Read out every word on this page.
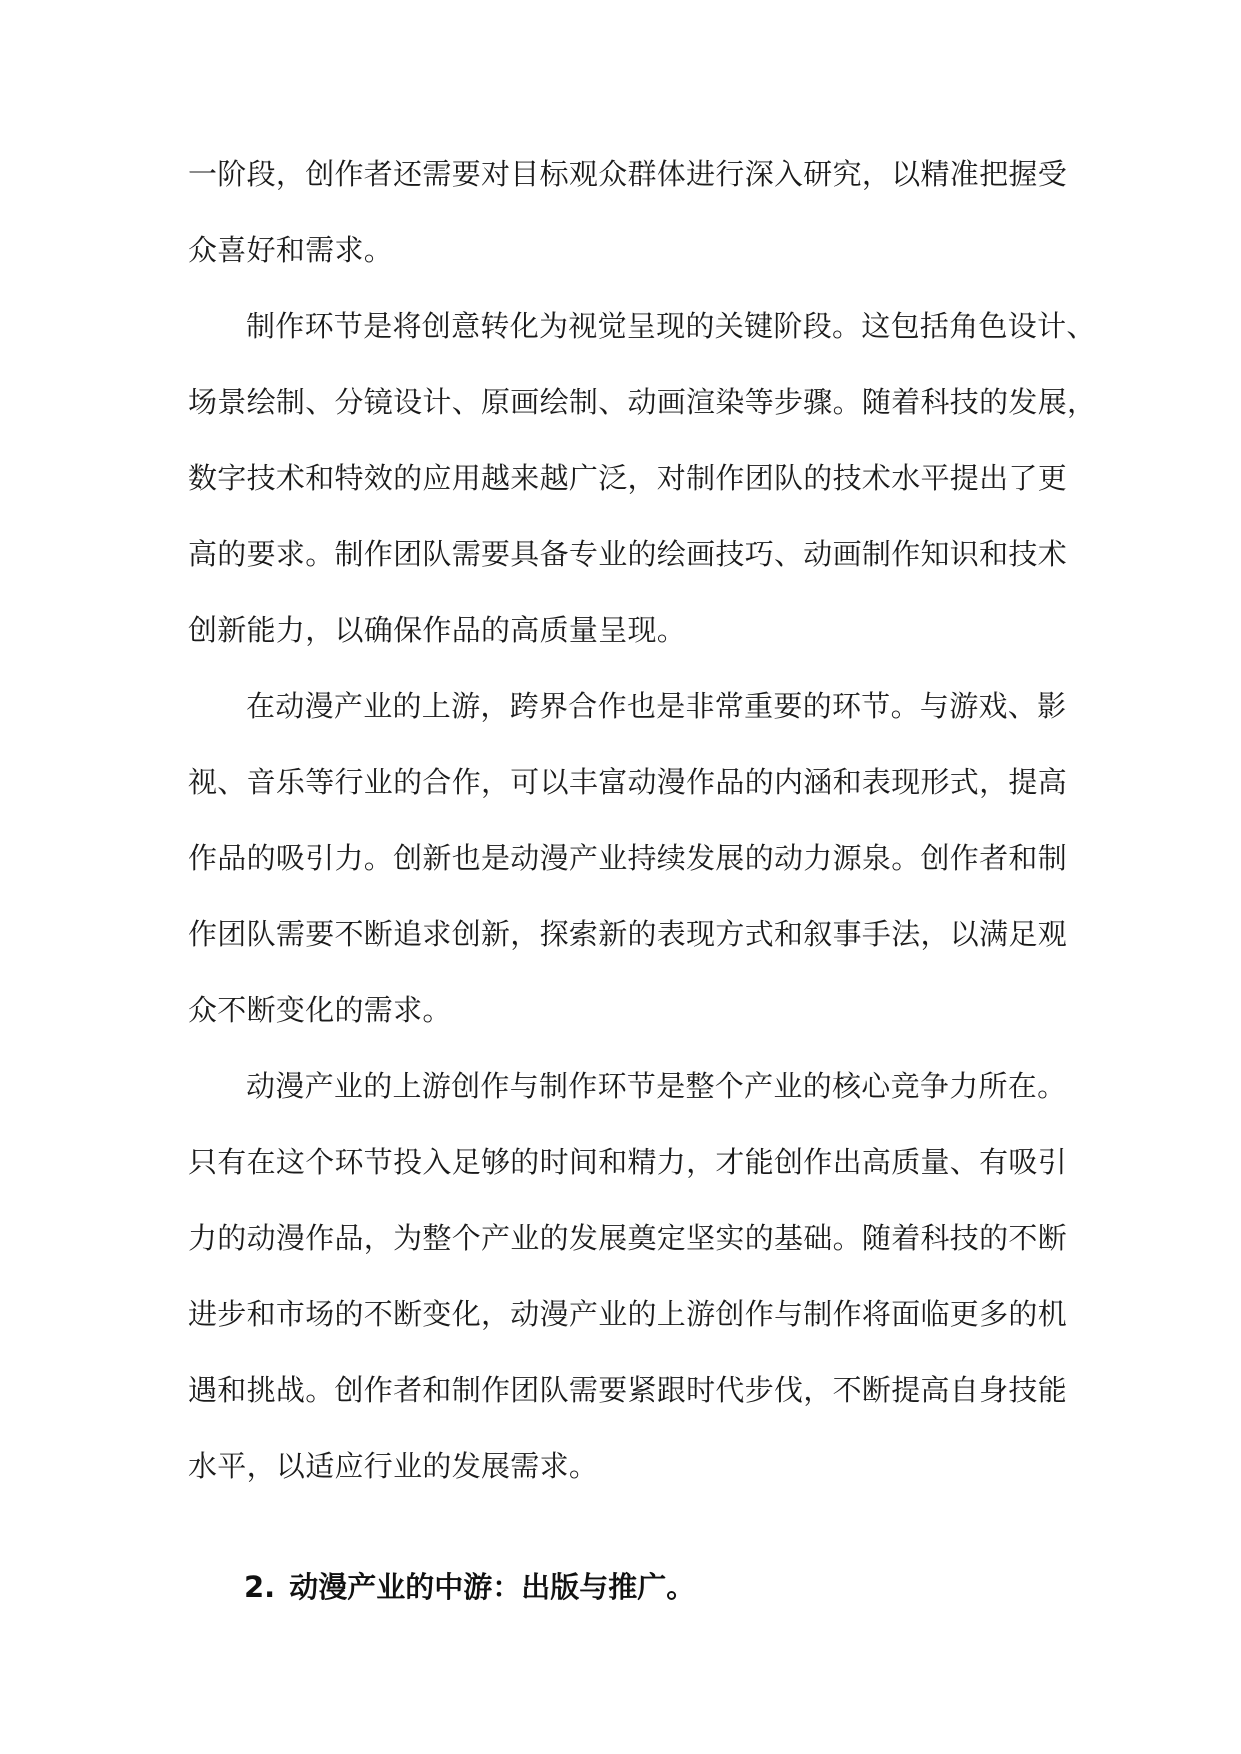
一阶段，创作者还需要对目标观众群体进行深入研究，以精准把握受
众喜好和需求。
制作环节是将创意转化为视觉呈现的关键阶段。这包括角色设计、
场景绘制、分镜设计、原画绘制、动画渲染等步骤。随着科技的发展，
数字技术和特效的应用越来越广泛，对制作团队的技术水平提出了更
高的要求。制作团队需要具备专业的绘画技巧、动画制作知识和技术
创新能力，以确保作品的高质量呈现。
在动漫产业的上游，跨界合作也是非常重要的环节。与游戏、影
视、音乐等行业的合作，可以丰富动漫作品的内涵和表现形式，提高
作品的吸引力。创新也是动漫产业持续发展的动力源泉。创作者和制
作团队需要不断追求创新，探索新的表现方式和叙事手法，以满足观
众不断变化的需求。
动漫产业的上游创作与制作环节是整个产业的核心竞争力所在。
只有在这个环节投入足够的时间和精力，才能创作出高质量、有吸引
力的动漫作品，为整个产业的发展奠定坚实的基础。随着科技的不断
进步和市场的不断变化，动漫产业的上游创作与制作将面临更多的机
遇和挑战。创作者和制作团队需要紧跟时代步伐，不断提高自身技能
水平，以适应行业的发展需求。
2. 动漫产业的中游：出版与推广。
